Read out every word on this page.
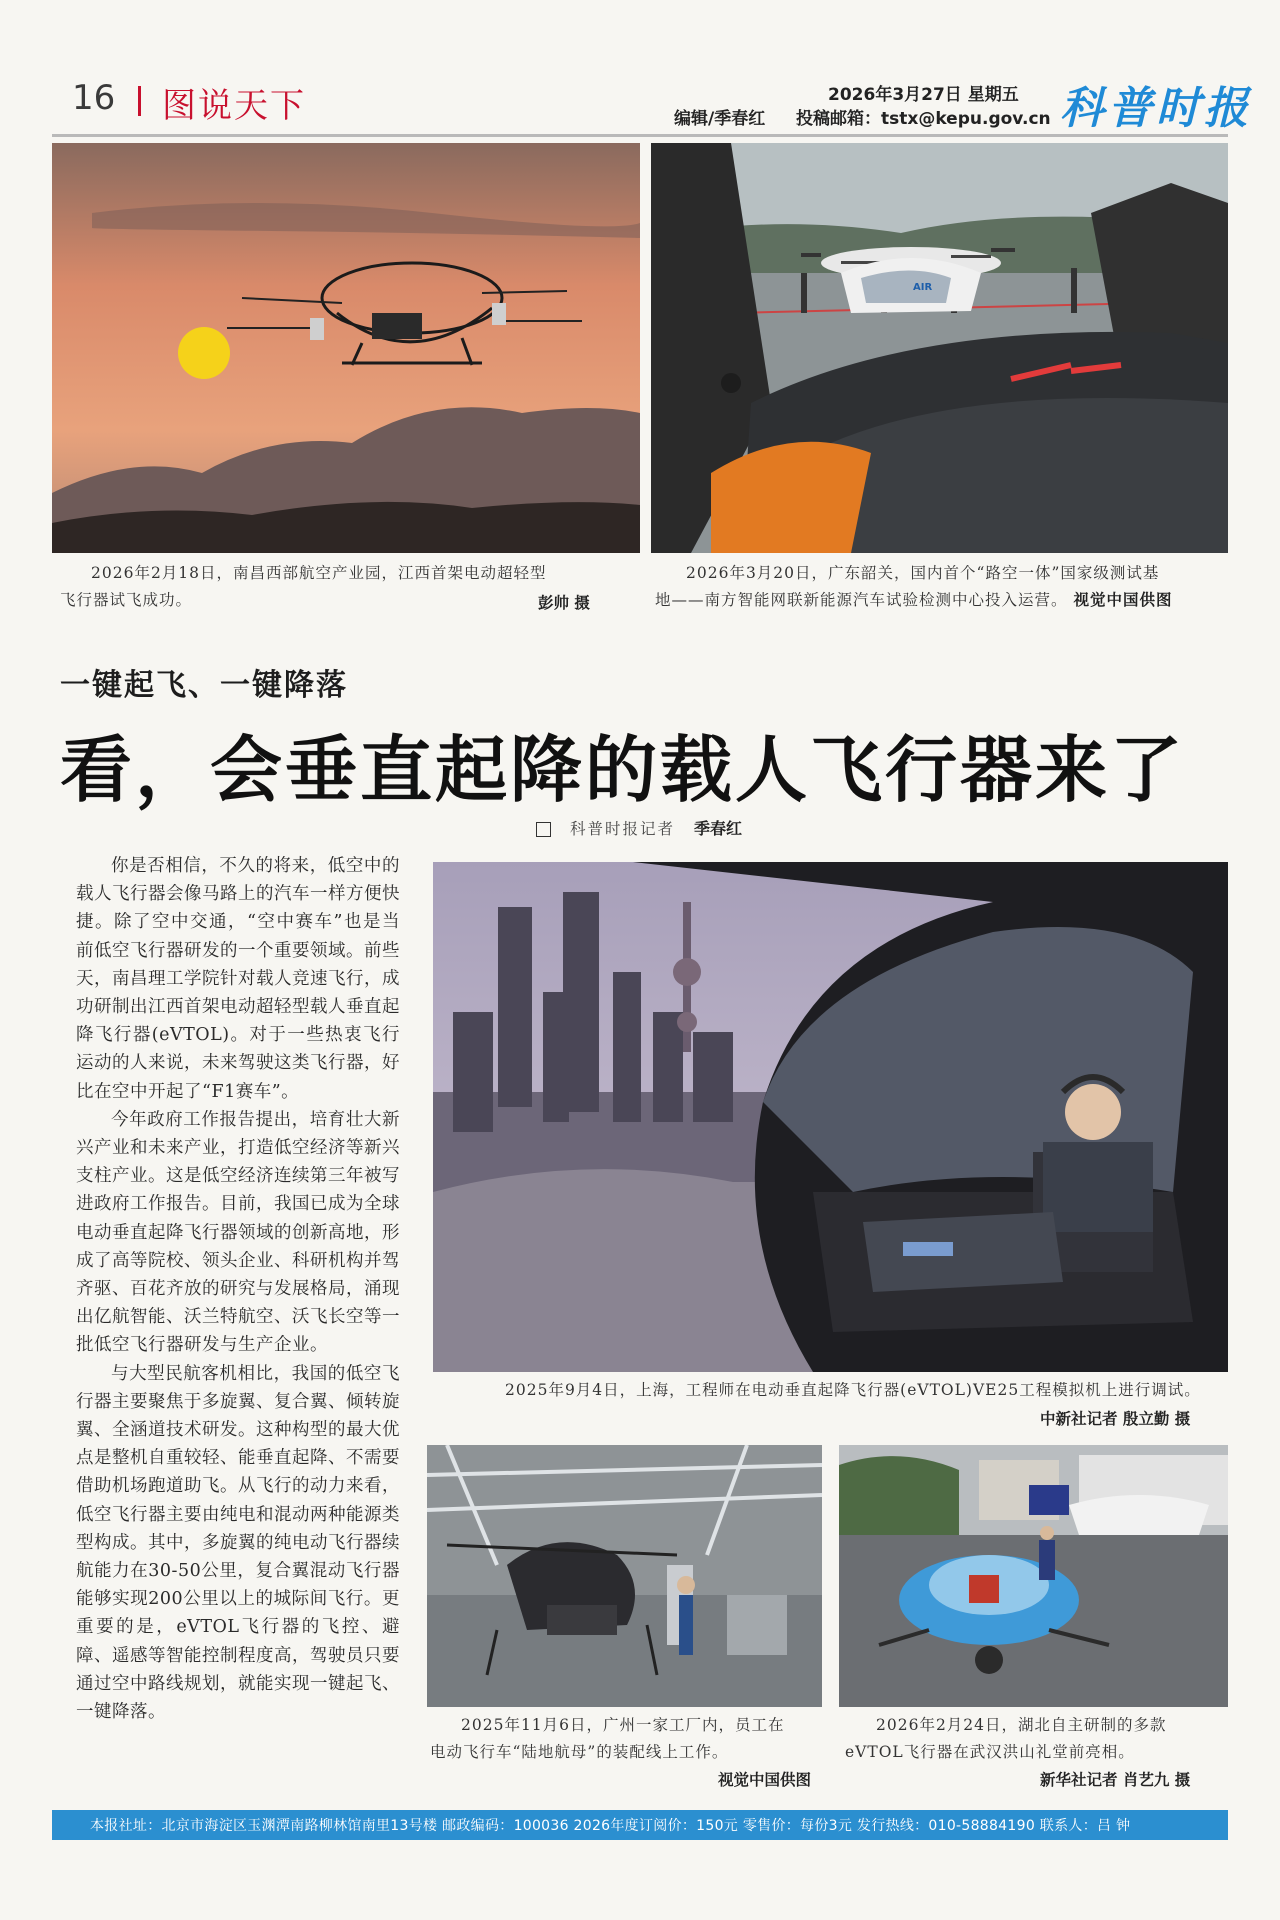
16 图说天下	2026年3月27日 星期五
编辑/季春红 投稿邮箱：tstx@kepu.gov.cn 科普时报
2026年2月18日，南昌西部航空产业园，江西首架电动超轻型
飞行器试飞成功。	彭帅 摄
AIR
2026年3月20日，广东韶关，国内首个“路空一体”国家级测试基
地——南方智能网联新能源汽车试验检测中心投入运营。 视觉中国供图
一键起飞、一键降落
看，会垂直起降的载人飞行器来了
科普时报记者 季春红

你是否相信，不久的将来，低空中的载人飞行器会像马路上的汽车一样方便快捷。除了空中交通，“空中赛车”也是当前低空飞行器研发的一个重要领域。前些天，南昌理工学院针对载人竞速飞行，成功研制出江西首架电动超轻型载人垂直起降飞行器(eVTOL)。对于一些热衷飞行运动的人来说，未来驾驶这类飞行器，好比在空中开起了“F1赛车”。

今年政府工作报告提出，培育壮大新兴产业和未来产业，打造低空经济等新兴支柱产业。这是低空经济连续第三年被写进政府工作报告。目前，我国已成为全球电动垂直起降飞行器领域的创新高地，形成了高等院校、领头企业、科研机构并驾齐驱、百花齐放的研究与发展格局，涌现出亿航智能、沃兰特航空、沃飞长空等一批低空飞行器研发与生产企业。

与大型民航客机相比，我国的低空飞行器主要聚焦于多旋翼、复合翼、倾转旋翼、全涵道技术研发。这种构型的最大优点是整机自重较轻、能垂直起降、不需要借助机场跑道助飞。从飞行的动力来看，低空飞行器主要由纯电和混动两种能源类型构成。其中，多旋翼的纯电动飞行器续航能力在30-50公里，复合翼混动飞行器能够实现200公里以上的城际间飞行。更重要的是，eVTOL飞行器的飞控、避障、遥感等智能控制程度高，驾驶员只要通过空中路线规划，就能实现一键起飞、一键降落。

2025年9月4日，上海，工程师在电动垂直起降飞行器(eVTOL)VE25工程模拟机上进行调试。
中新社记者 殷立勤 摄
2025年11月6日，广州一家工厂内，员工在
电动飞行车“陆地航母”的装配线上工作。
视觉中国供图
2026年2月24日，湖北自主研制的多款
eVTOL飞行器在武汉洪山礼堂前亮相。
新华社记者 肖艺九 摄
本报社址：北京市海淀区玉渊潭南路柳林馆南里13号楼 邮政编码：100036 2026年度订阅价：150元 零售价：每份3元 发行热线：010-58884190 联系人：吕 钟
